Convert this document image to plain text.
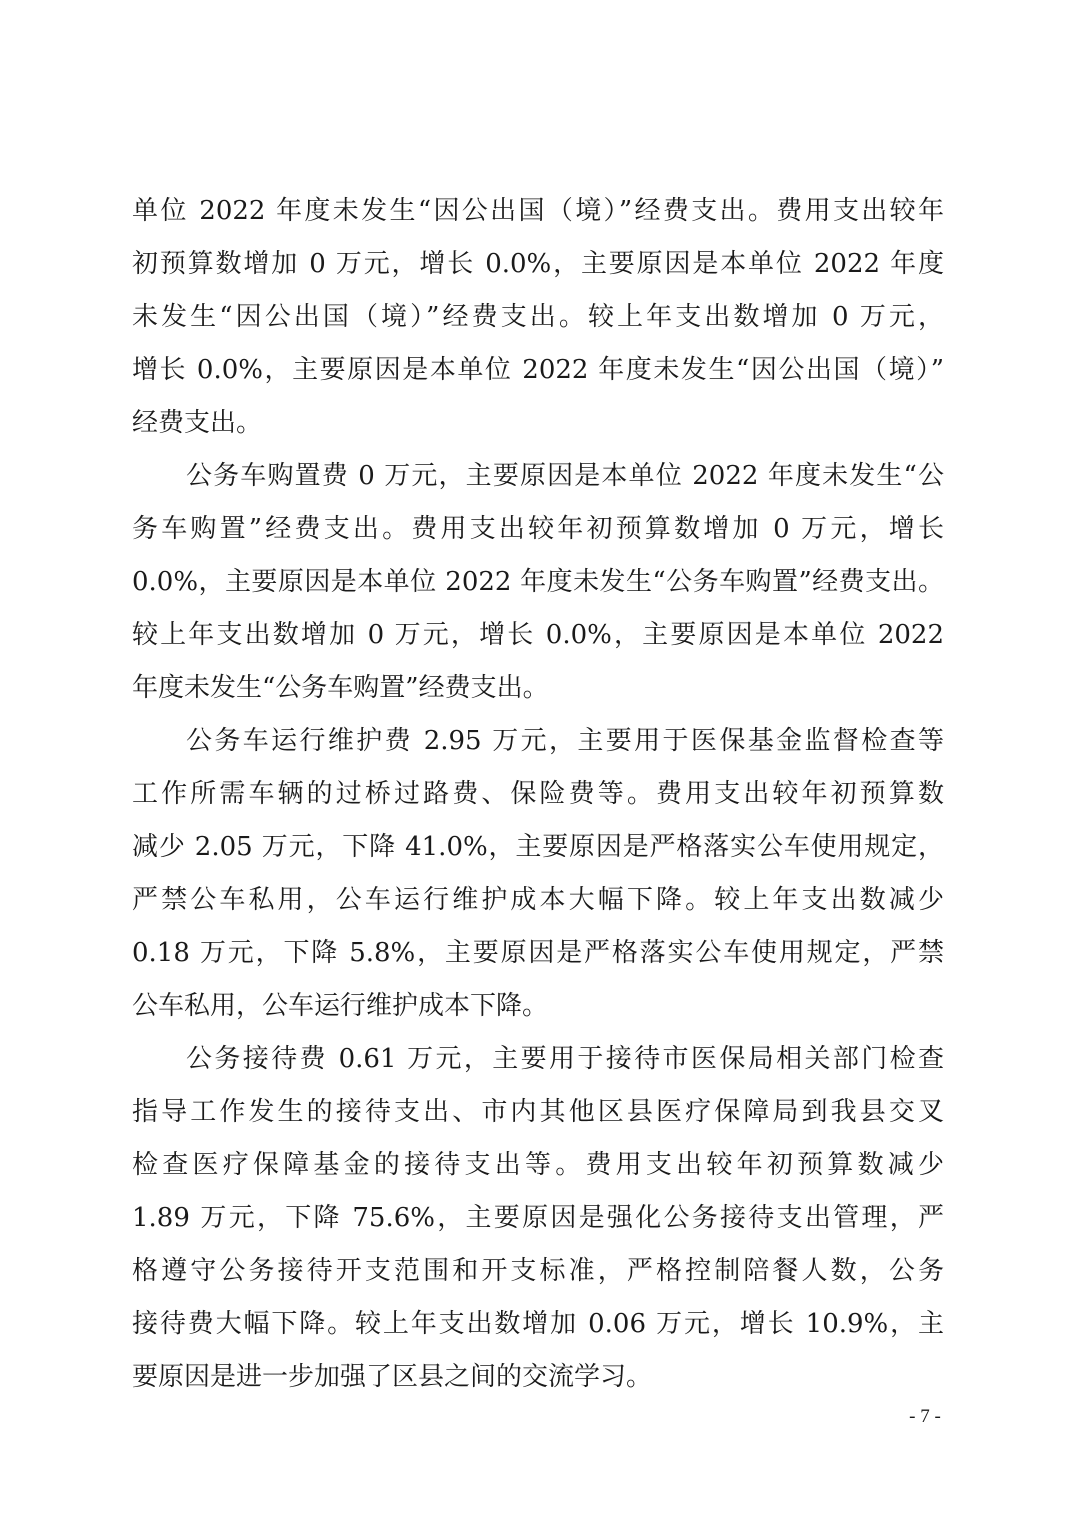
单位 2022 年度未发生“因公出国（境）”经费支出。费用支出较年
初预算数增加 0 万元，增长 0.0%，主要原因是本单位 2022 年度
未发生“因公出国（境）”经费支出。较上年支出数增加 0 万元，
增长 0.0%，主要原因是本单位 2022 年度未发生“因公出国（境）”
经费支出。
公务车购置费 0 万元，主要原因是本单位 2022 年度未发生“公
务车购置”经费支出。费用支出较年初预算数增加 0 万元，增长
0.0%，主要原因是本单位 2022 年度未发生“公务车购置”经费支出。
较上年支出数增加 0 万元，增长 0.0%，主要原因是本单位 2022
年度未发生“公务车购置”经费支出。
公务车运行维护费 2.95 万元，主要用于医保基金监督检查等
工作所需车辆的过桥过路费、保险费等。费用支出较年初预算数
减少 2.05 万元，下降 41.0%，主要原因是严格落实公车使用规定，
严禁公车私用，公车运行维护成本大幅下降。较上年支出数减少
0.18 万元，下降 5.8%，主要原因是严格落实公车使用规定，严禁
公车私用，公车运行维护成本下降。
公务接待费 0.61 万元，主要用于接待市医保局相关部门检查
指导工作发生的接待支出、市内其他区县医疗保障局到我县交叉
检查医疗保障基金的接待支出等。费用支出较年初预算数减少
1.89 万元，下降 75.6%，主要原因是强化公务接待支出管理，严
格遵守公务接待开支范围和开支标准，严格控制陪餐人数，公务
接待费大幅下降。较上年支出数增加 0.06 万元，增长 10.9%，主
要原因是进一步加强了区县之间的交流学习。
- 7 -
